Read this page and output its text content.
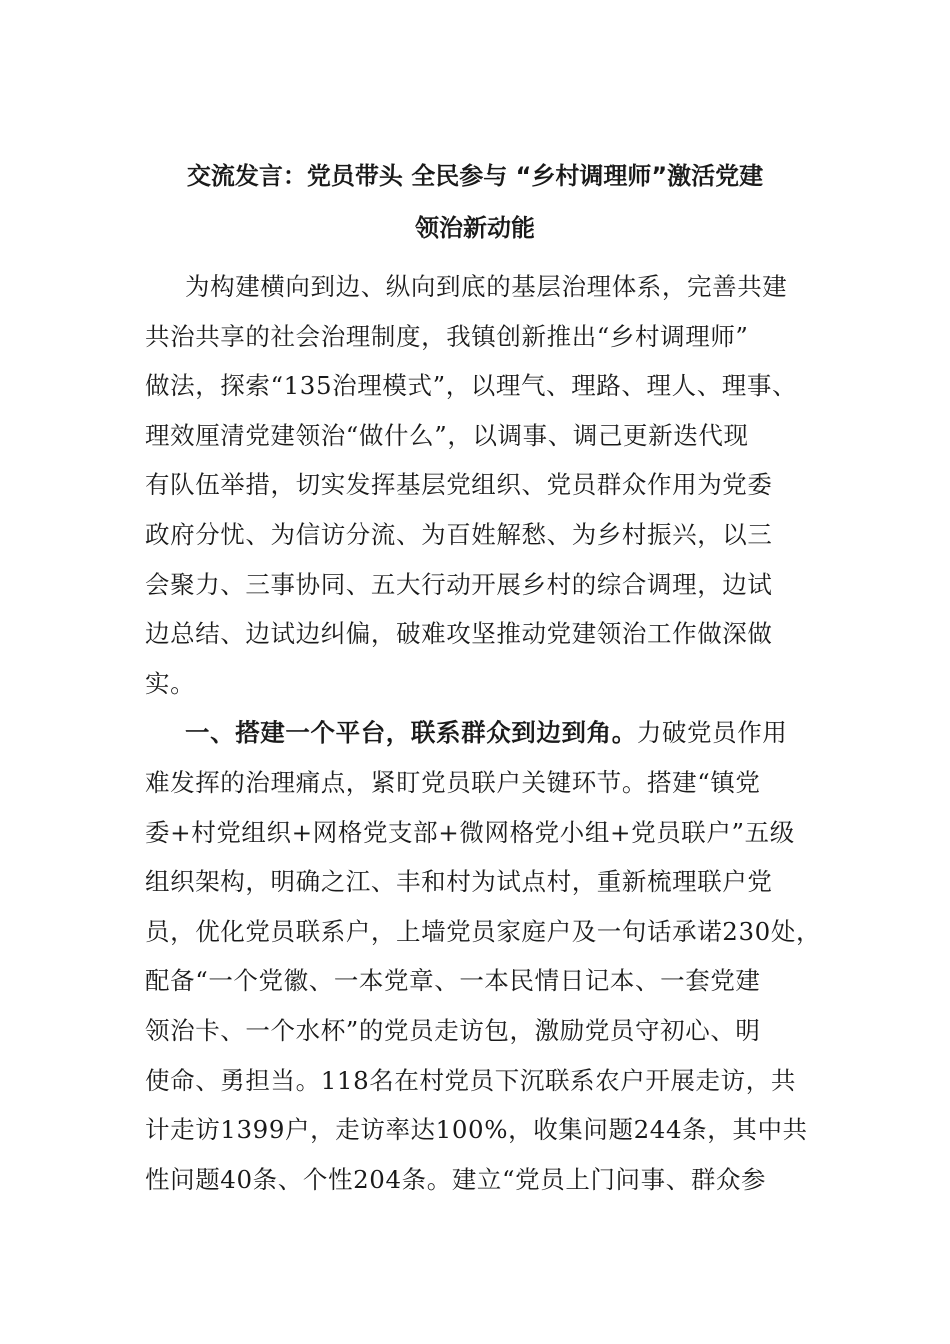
交流发言：党员带头 全民参与 “乡村调理师”激活党建
领治新动能
为构建横向到边、纵向到底的基层治理体系，完善共建
共治共享的社会治理制度，我镇创新推出“乡村调理师”
做法，探索“135治理模式”，以理气、理路、理人、理事、
理效厘清党建领治“做什么”，以调事、调己更新迭代现
有队伍举措，切实发挥基层党组织、党员群众作用为党委
政府分忧、为信访分流、为百姓解愁、为乡村振兴，以三
会聚力、三事协同、五大行动开展乡村的综合调理，边试
边总结、边试边纠偏，破难攻坚推动党建领治工作做深做
实。
一、搭建一个平台，联系群众到边到角。力破党员作用
难发挥的治理痛点，紧盯党员联户关键环节。搭建“镇党
委+村党组织+网格党支部+微网格党小组+党员联户”五级
组织架构，明确之江、丰和村为试点村，重新梳理联户党
员，优化党员联系户，上墙党员家庭户及一句话承诺230处，
配备“一个党徽、一本党章、一本民情日记本、一套党建
领治卡、一个水杯”的党员走访包，激励党员守初心、明
使命、勇担当。118名在村党员下沉联系农户开展走访，共
计走访1399户，走访率达100%，收集问题244条，其中共
性问题40条、个性204条。建立“党员上门问事、群众参
